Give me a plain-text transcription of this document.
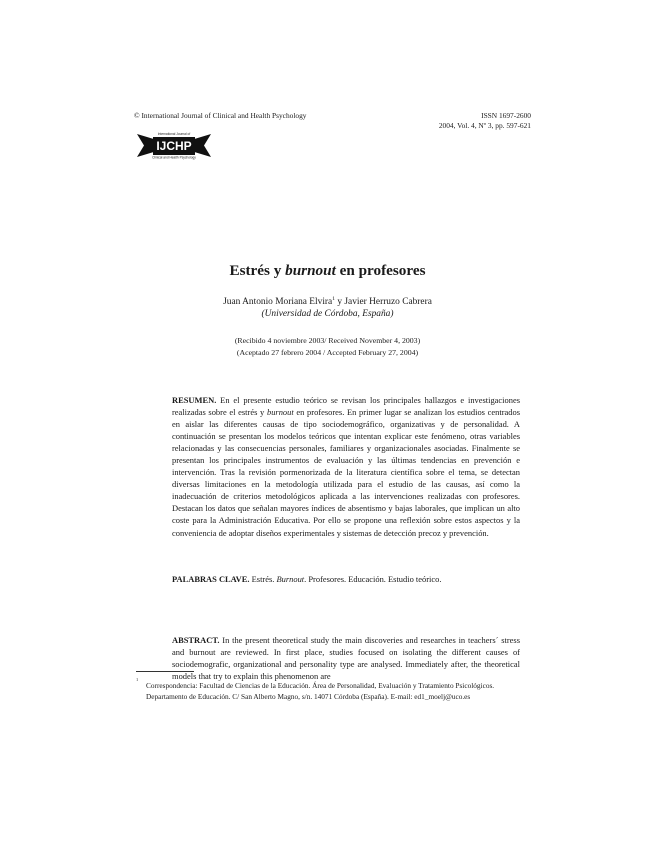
© International Journal of Clinical and Health Psychology	ISSN 1697-2600
2004, Vol. 4, Nº 3, pp. 597-621
International Journal of
IJCHP
Clinical and Health Psychology
Estrés y burnout en profesores
Juan Antonio Moriana Elvira$^1$ y Javier Herruzo Cabrera
(Universidad de Córdoba, España)
(Recibido 4 noviembre 2003/ Received November 4, 2003)
(Aceptado 27 febrero 2004 / Accepted February 27, 2004)
RESUMEN. En el presente estudio teórico se revisan los principales hallazgos e investigaciones realizadas sobre el estrés y burnout en profesores. En primer lugar se analizan los estudios centrados en aislar las diferentes causas de tipo sociodemográfico, organizativas y de personalidad. A continuación se presentan los modelos teóricos que intentan explicar este fenómeno, otras variables relacionadas y las consecuencias personales, familiares y organizacionales asociadas. Finalmente se presentan los principales instrumentos de evaluación y las últimas tendencias en prevención e intervención. Tras la revisión pormenorizada de la literatura científica sobre el tema, se detectan diversas limitaciones en la metodología utilizada para el estudio de las causas, así como la inadecuación de criterios metodológicos aplicada a las intervenciones realizadas con profesores. Destacan los datos que señalan mayores índices de absentismo y bajas laborales, que implican un alto coste para la Administración Educativa. Por ello se propone una reflexión sobre estos aspectos y la conveniencia de adoptar diseños experimentales y sistemas de detección precoz y prevención.
PALABRAS CLAVE. Estrés. Burnout. Profesores. Educación. Estudio teórico.
ABSTRACT. In the present theoretical study the main discoveries and researches in teachers´ stress and burnout are reviewed. In first place, studies focused on isolating the different causes of sociodemografic, organizational and personality type are analysed. Immediately after, the theoretical models that try to explain this phenomenon are
1
Correspondencia: Facultad de Ciencias de la Educación. Área de Personalidad, Evaluación y Tratamiento Psicológicos. Departamento de Educación. C/ San Alberto Magno, s/n. 14071 Córdoba (España). E-mail: ed1_moelj@uco.es
